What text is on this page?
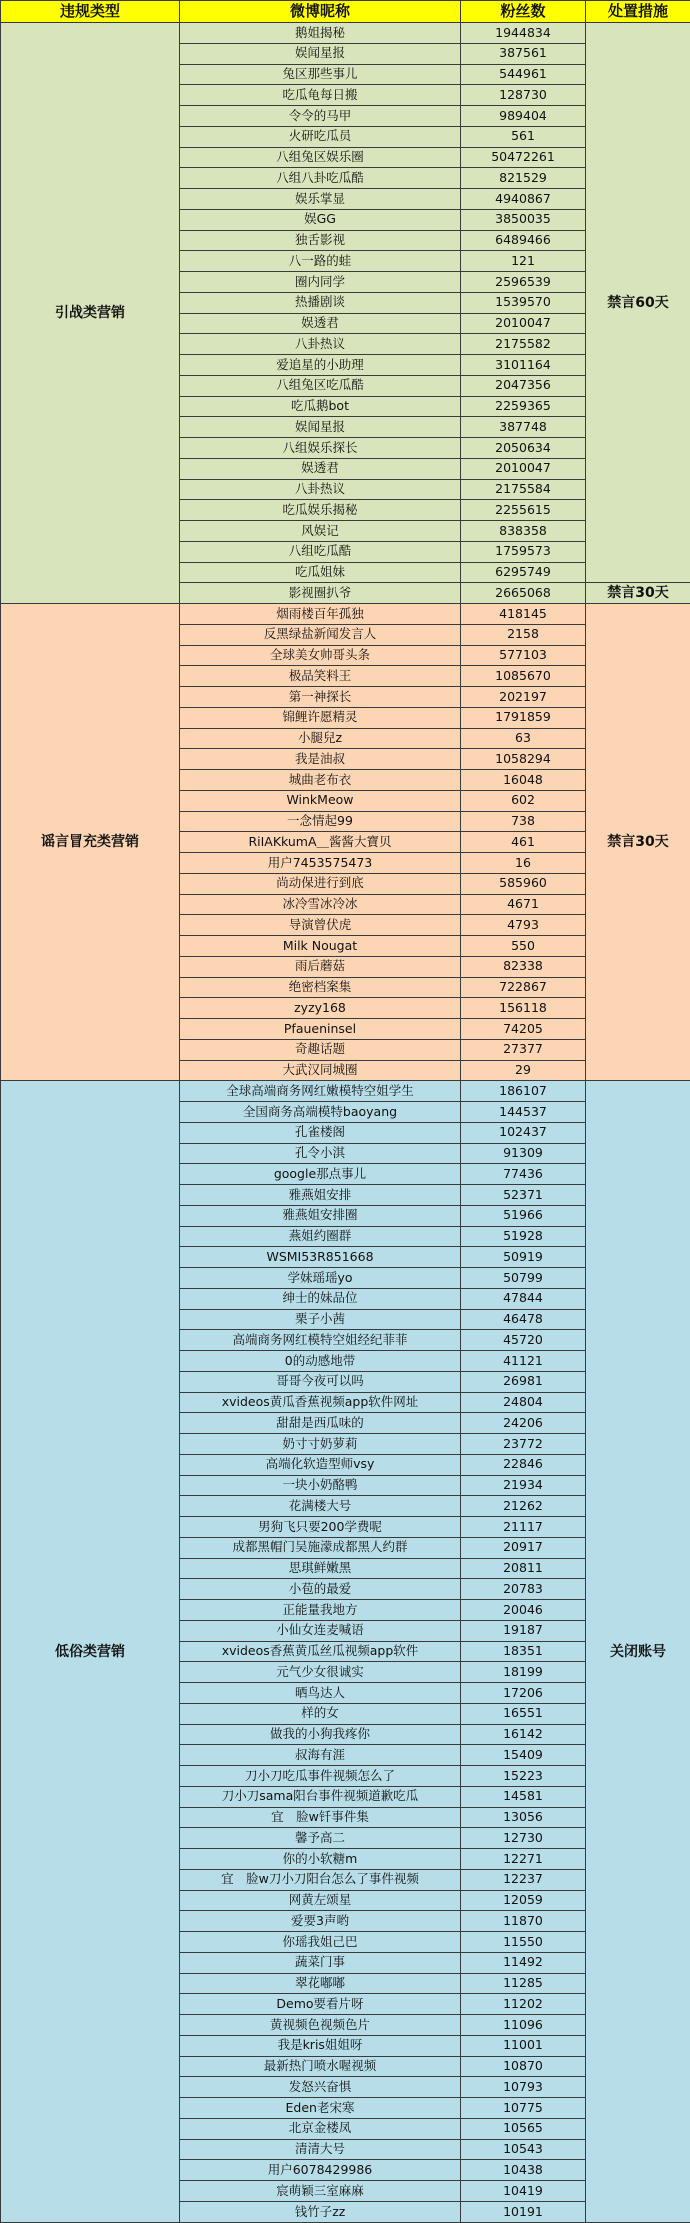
违规类型	微博昵称	粉丝数	处置措施
引战类营销	鹅姐揭秘	1944834	禁言60天
	娱闻星报	387561	
	兔区那些事儿	544961	
	吃瓜龟每日搬	128730	
	令令的马甲	989404	
	火研吃瓜员	561	
	八组兔区娱乐圈	50472261	
	八组八卦吃瓜酷	821529	
	娱乐掌显	4940867	
	娱GG	3850035	
	独舌影视	6489466	
	八一路的蛙	121	
	圈内同学	2596539	
	热播剧谈	1539570	
	娱透君	2010047	
	八卦热议	2175582	
	爱追星的小助理	3101164	
	八组兔区吃瓜酷	2047356	
	吃瓜鹅bot	2259365	
	娱闻星报	387748	
	八组娱乐探长	2050634	
	娱透君	2010047	
	八卦热议	2175584	
	吃瓜娱乐揭秘	2255615	
	风娱记	838358	
	八组吃瓜酷	1759573	
	吃瓜姐妹	6295749	
	影视圈扒爷	2665068	禁言30天
谣言冒充类营销	烟雨楼百年孤独	418145	禁言30天
	反黑绿盐新闻发言人	2158	
	全球美女帅哥头条	577103	
	极品笑料王	1085670	
	第一神探长	202197	
	锦鲤许愿精灵	1791859	
	小腿兒z	63	
	我是油叔	1058294	
	城曲老布衣	16048	
	WinkMeow	602	
	一念情起99	738	
	RiIAKkumA＿酱酱大寶贝	461	
	用户7453575473	16	
	尚动保进行到底	585960	
	冰冷雪冰冷冰	4671	
	导演曾伏虎	4793	
	Milk Nougat	550	
	雨后蘑菇	82338	
	绝密档案集	722867	
	zyzy168	156118	
	Pfaueninsel	74205	
	奇趣话题	27377	
	大武汉同城圈	29	
低俗类营销	全球高端商务网红嫩模特空姐学生	186107	关闭账号
	全国商务高端模特baoyang	144537	
	孔雀楼阁	102437	
	孔令小淇	91309	
	google那点事儿	77436	
	雅燕姐安排	52371	
	雅燕姐安排圈	51966	
	燕姐约圈群	51928	
	WSMI53R851668	50919	
	学妹瑶瑶yo	50799	
	绅士的妹品位	47844	
	栗子小茜	46478	
	高端商务网红模特空姐经纪菲菲	45720	
	0的动感地带	41121	
	哥哥今夜可以吗	26981	
	xvideos黄瓜香蕉视频app软件网址	24804	
	甜甜是西瓜味的	24206	
	奶寸寸奶萝莉	23772	
	高端化软造型师vsy	22846	
	一块小奶酪鸭	21934	
	花满楼大号	21262	
	男狗飞只要200学费呢	21117	
	成都黑帽门吴施濛成都黑人约群	20917	
	思琪鲜嫩黑	20811	
	小苞的最爱	20783	
	正能量我地方	20046	
	小仙女连麦喊语	19187	
	xvideos香蕉黄瓜丝瓜视频app软件	18351	
	元气少女很诚实	18199	
	晒鸟达人	17206	
	样的女	16551	
	做我的小狗我疼你	16142	
	叔海有涯	15409	
	刀小刀吃瓜事件视频怎么了	15223	
	刀小刀sama阳台事件视频道歉吃瓜	14581	
	宜　脸w钎事件集	13056	
	馨予高二	12730	
	你的小软糖m	12271	
	宜　脸w刀小刀阳台怎么了事件视频	12237	
	网黄左颂星	12059	
	爱要3声哟	11870	
	你瑶我姐己巴	11550	
	蔬菜门事	11492	
	翠花嘟嘟	11285	
	Demo要看片呀	11202	
	黄视频色视频色片	11096	
	我是kris姐姐呀	11001	
	最新热门喷水喔视频	10870	
	发怒兴奋惧	10793	
	Eden老宋寒	10775	
	北京金楼凤	10565	
	清清大号	10543	
	用户6078429986	10438	
	宸萌颖三室麻麻	10419	
	钱竹子zz	10191	
